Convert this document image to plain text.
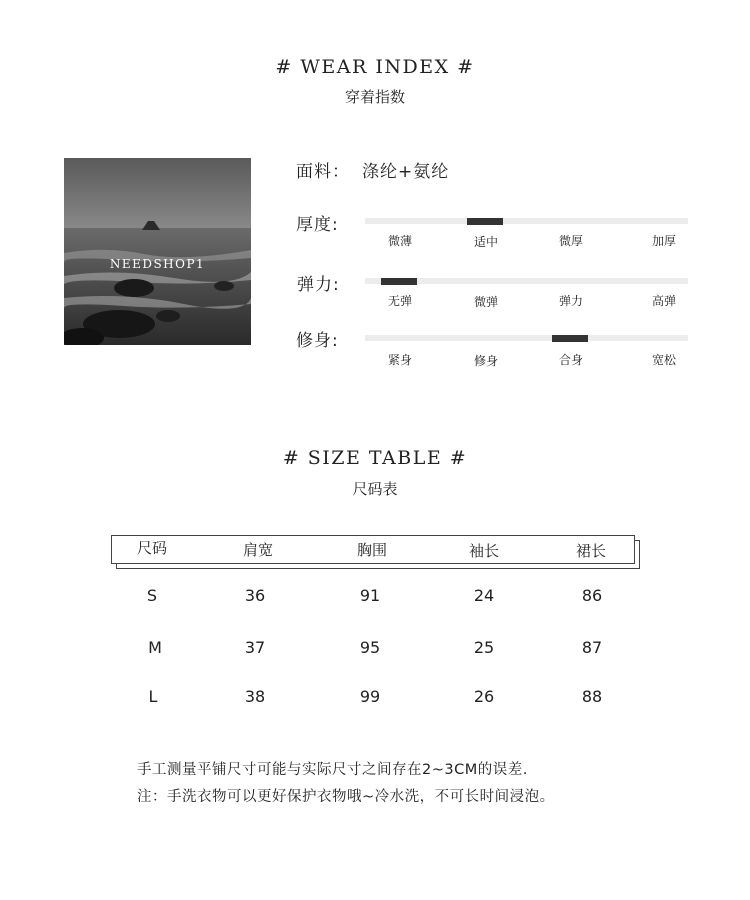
# WEAR INDEX #
穿着指数
NEEDSHOP1
面料： 涤纶+氨纶
厚度:
微薄	适中	微厚	加厚
弹力:
无弹	微弹	弹力	高弹
修身:
紧身	修身	合身	宽松
# SIZE TABLE #
尺码表
尺码	肩宽	胸围	袖长	裙长
S	36	91	24	86
M	37	95	25	87
L	38	99	26	88
手工测量平铺尺寸可能与实际尺寸之间存在2~3CM的误差.
注：手洗衣物可以更好保护衣物哦~冷水洗，不可长时间浸泡。
